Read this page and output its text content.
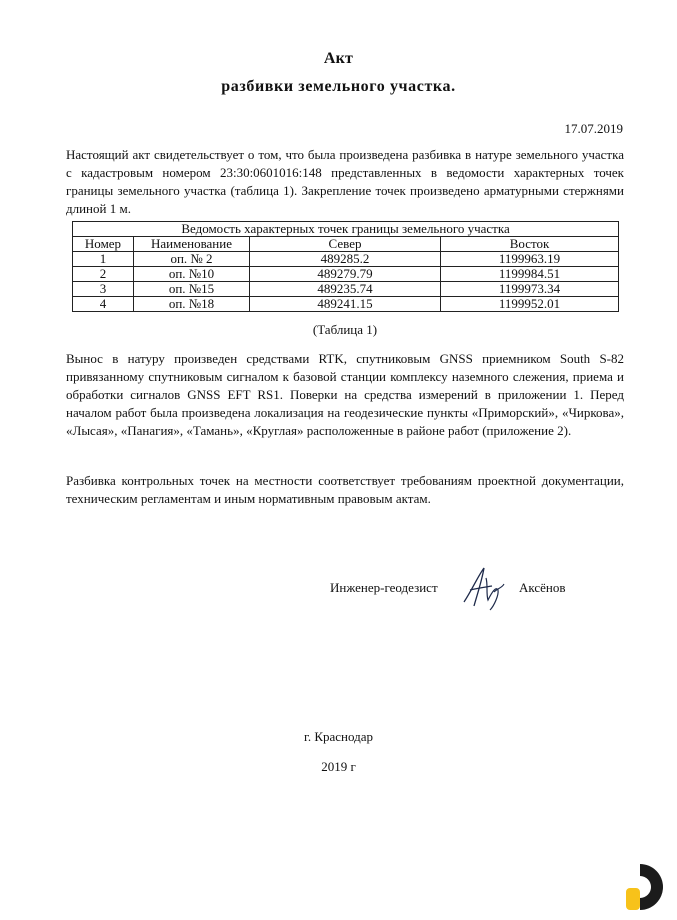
Акт
разбивки земельного участка.
17.07.2019

Настоящий акт свидетельствует о том, что была произведена разбивка в натуре земельного участка с кадастровым номером 23:30:0601016:148 представленных в ведомости характерных точек границы земельного участка (таблица 1). Закрепление точек произведено арматурными стержнями длиной 1 м.

Ведомость характерных точек границы земельного участка			
Номер	Наименование	Север	Восток
1	оп. № 2	489285.2	1199963.19
2	оп. №10	489279.79	1199984.51
3	оп. №15	489235.74	1199973.34
4	оп. №18	489241.15	1199952.01
(Таблица 1)

Вынос в натуру произведен средствами RTK, спутниковым GNSS приемником South S-82 привязанному спутниковым сигналом к базовой станции комплексу наземного слежения, приема и обработки сигналов GNSS EFT RS1. Поверки на средства измерений в приложении 1. Перед началом работ была произведена локализация на геодезические пункты «Приморский», «Чиркова», «Лысая», «Панагия», «Тамань», «Круглая» расположенные в районе работ (приложение 2).

Разбивка контрольных точек на местности соответствует требованиям проектной документации, техническим регламентам и иным нормативным правовым актам.

Инженер-геодезист	Аксёнов
г. Краснодар
2019 г
